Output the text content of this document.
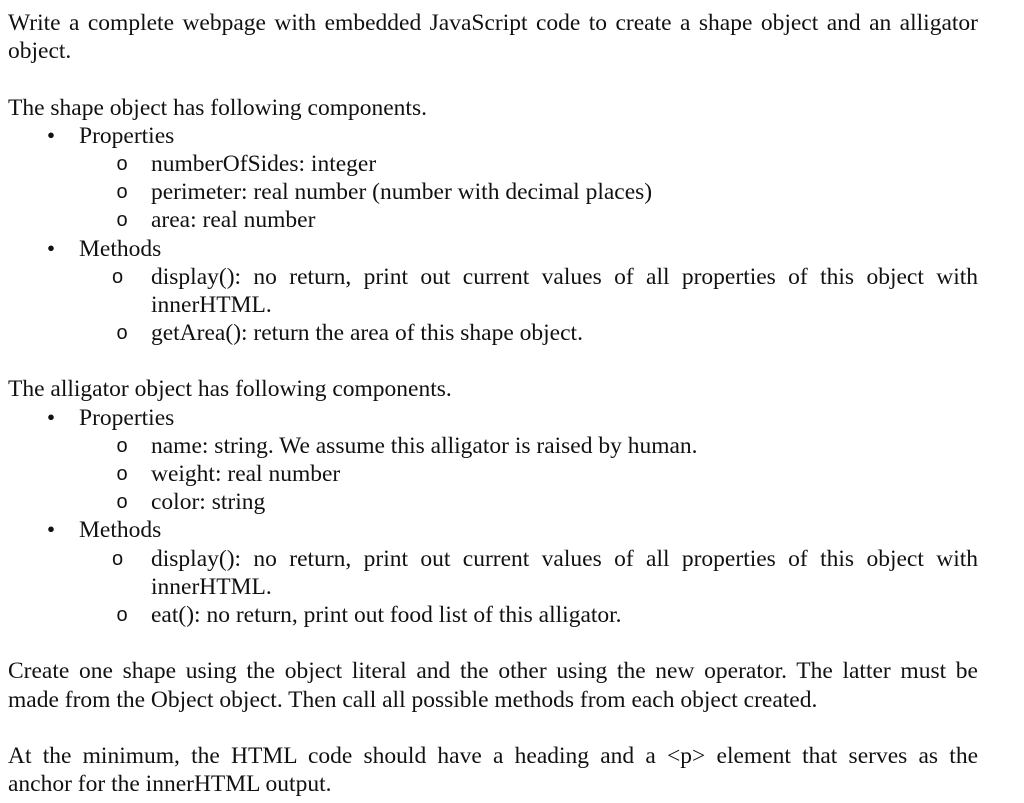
Write a complete webpage with embedded JavaScript code to create a shape object and an alligator
object.
The shape object has following components.
• Properties
o numberOfSides: integer
o perimeter: real number (number with decimal places)
o area: real number
• Methods
o	display(): no return, print out current values of all properties of this object with
innerHTML.
o getArea(): return the area of this shape object.
The alligator object has following components.
• Properties
o name: string. We assume this alligator is raised by human.
o weight: real number
o color: string
• Methods
o	display(): no return, print out current values of all properties of this object with
innerHTML.
o eat(): no return, print out food list of this alligator.
Create one shape using the object literal and the other using the new operator. The latter must be
made from the Object object. Then call all possible methods from each object created.
At the minimum, the HTML code should have a heading and a <p> element that serves as the
anchor for the innerHTML output.
